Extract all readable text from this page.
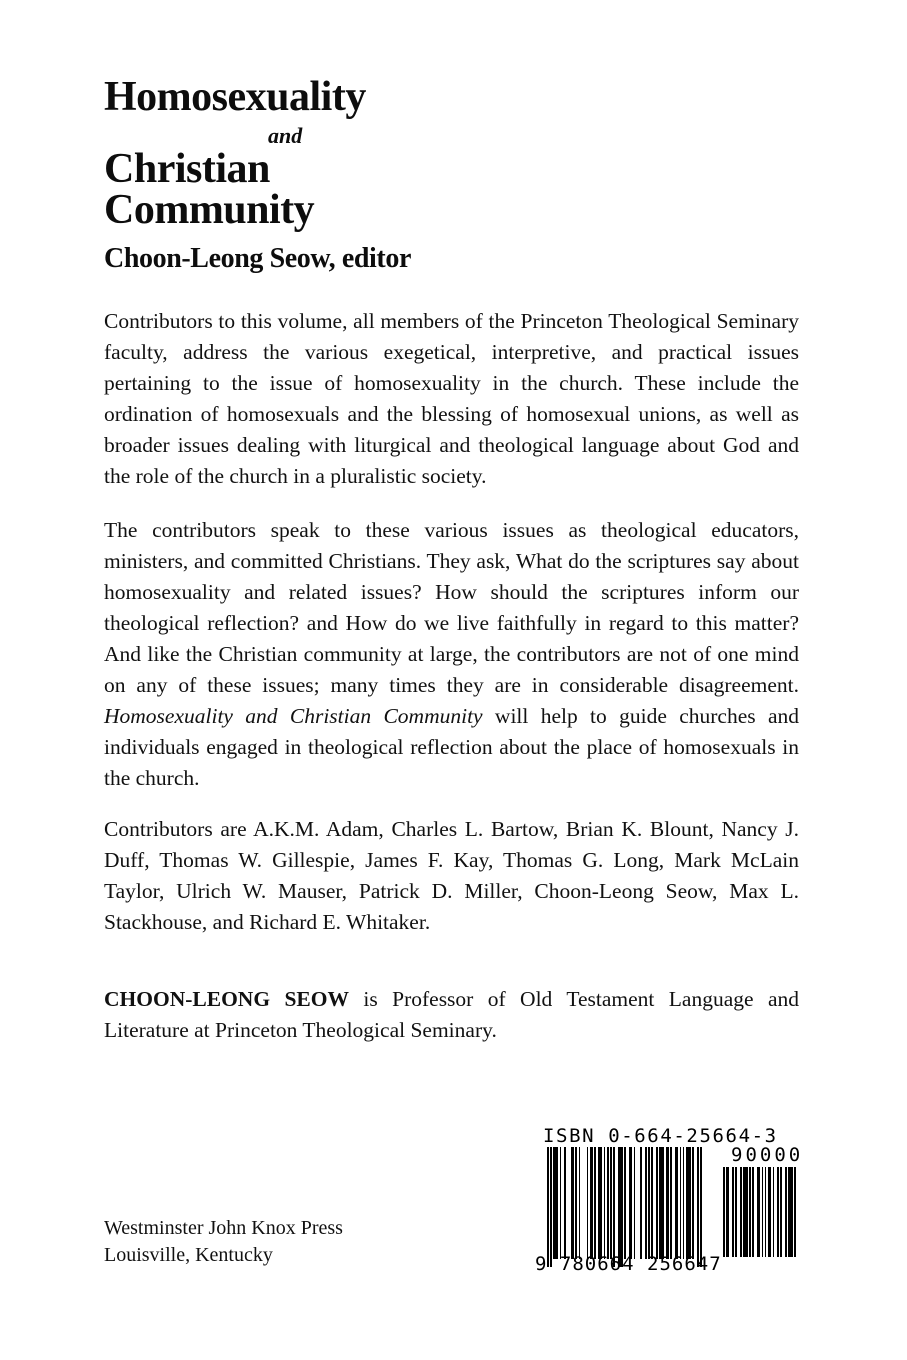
Homosexuality
and
Christian
Community
Choon-Leong Seow, editor

Contributors to this volume, all members of the Princeton Theological Seminary faculty, address the various exegetical, interpretive, and practical issues pertaining to the issue of homosexuality in the church. These include the ordination of homosexuals and the blessing of homosexual unions, as well as broader issues dealing with liturgical and theological language about God and the role of the church in a pluralistic society.

The contributors speak to these various issues as theological educators, ministers, and committed Christians. They ask, What do the scriptures say about homosexuality and related issues? How should the scriptures inform our theological reflection? and How do we live faithfully in regard to this matter? And like the Christian community at large, the contributors are not of one mind on any of these issues; many times they are in considerable disagreement. Homosexuality and Christian Community will help to guide churches and individuals engaged in theological reflection about the place of homosexuals in the church.

Contributors are A.K.M. Adam, Charles L. Bartow, Brian K. Blount, Nancy J. Duff, Thomas W. Gillespie, James F. Kay, Thomas G. Long, Mark McLain Taylor, Ulrich W. Mauser, Patrick D. Miller, Choon-Leong Seow, Max L. Stackhouse, and Richard E. Whitaker.

CHOON-LEONG SEOW is Professor of Old Testament Language and Literature at Princeton Theological Seminary.

Westminster John Knox Press
Louisville, Kentucky
ISBN 0-664-25664-3
90000
9 780664 256647
